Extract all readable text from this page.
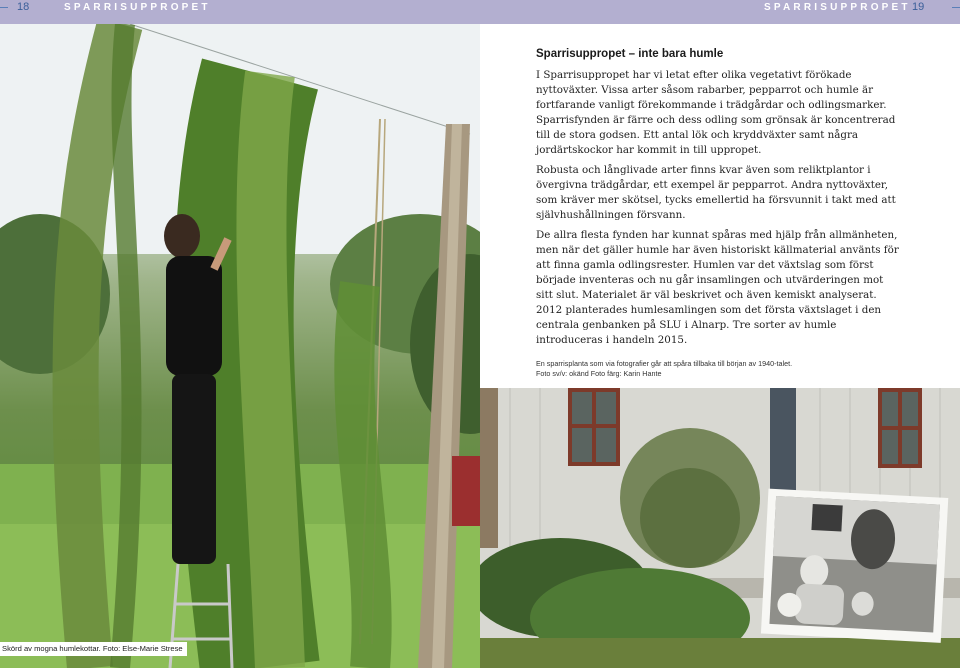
18	SPARRISUPPROPET	SPARRISUPPROPET 19
Skörd av mogna humlekottar. Foto: Else-Marie Strese
Sparrisuppropet – inte bara humle

I Sparrisuppropet har vi letat efter olika vegetativt förökade nyttoväxter. Vissa arter såsom rabarber, pepparrot och humle är fortfarande vanligt förekommande i trädgårdar och odlingsmarker. Sparrisfynden är färre och dess odling som grönsak är koncentrerad till de stora godsen. Ett antal lök och kryddväxter samt några jordärtskockor har kommit in till uppropet.

Robusta och långlivade arter finns kvar även som reliktplantor i övergivna trädgårdar, ett exempel är pepparrot. Andra nyttoväxter, som kräver mer skötsel, tycks emellertid ha försvunnit i takt med att självhushållningen försvann.

De allra flesta fynden har kunnat spåras med hjälp från allmänheten, men när det gäller humle har även historiskt källmaterial använts för att finna gamla odlingsrester. Humlen var det växtslag som först började inventeras och nu går insamlingen och utvärderingen mot sitt slut. Materialet är väl beskrivet och även kemiskt analyserat. 2012 planterades humlesamlingen som det första växtslaget i den centrala genbanken på SLU i Alnarp. Tre sorter av humle introduceras i handeln 2015.

En sparrisplanta som via fotografier går att spåra tillbaka till början av 1940-talet.
Foto sv/v: okänd Foto färg: Karin Hante
